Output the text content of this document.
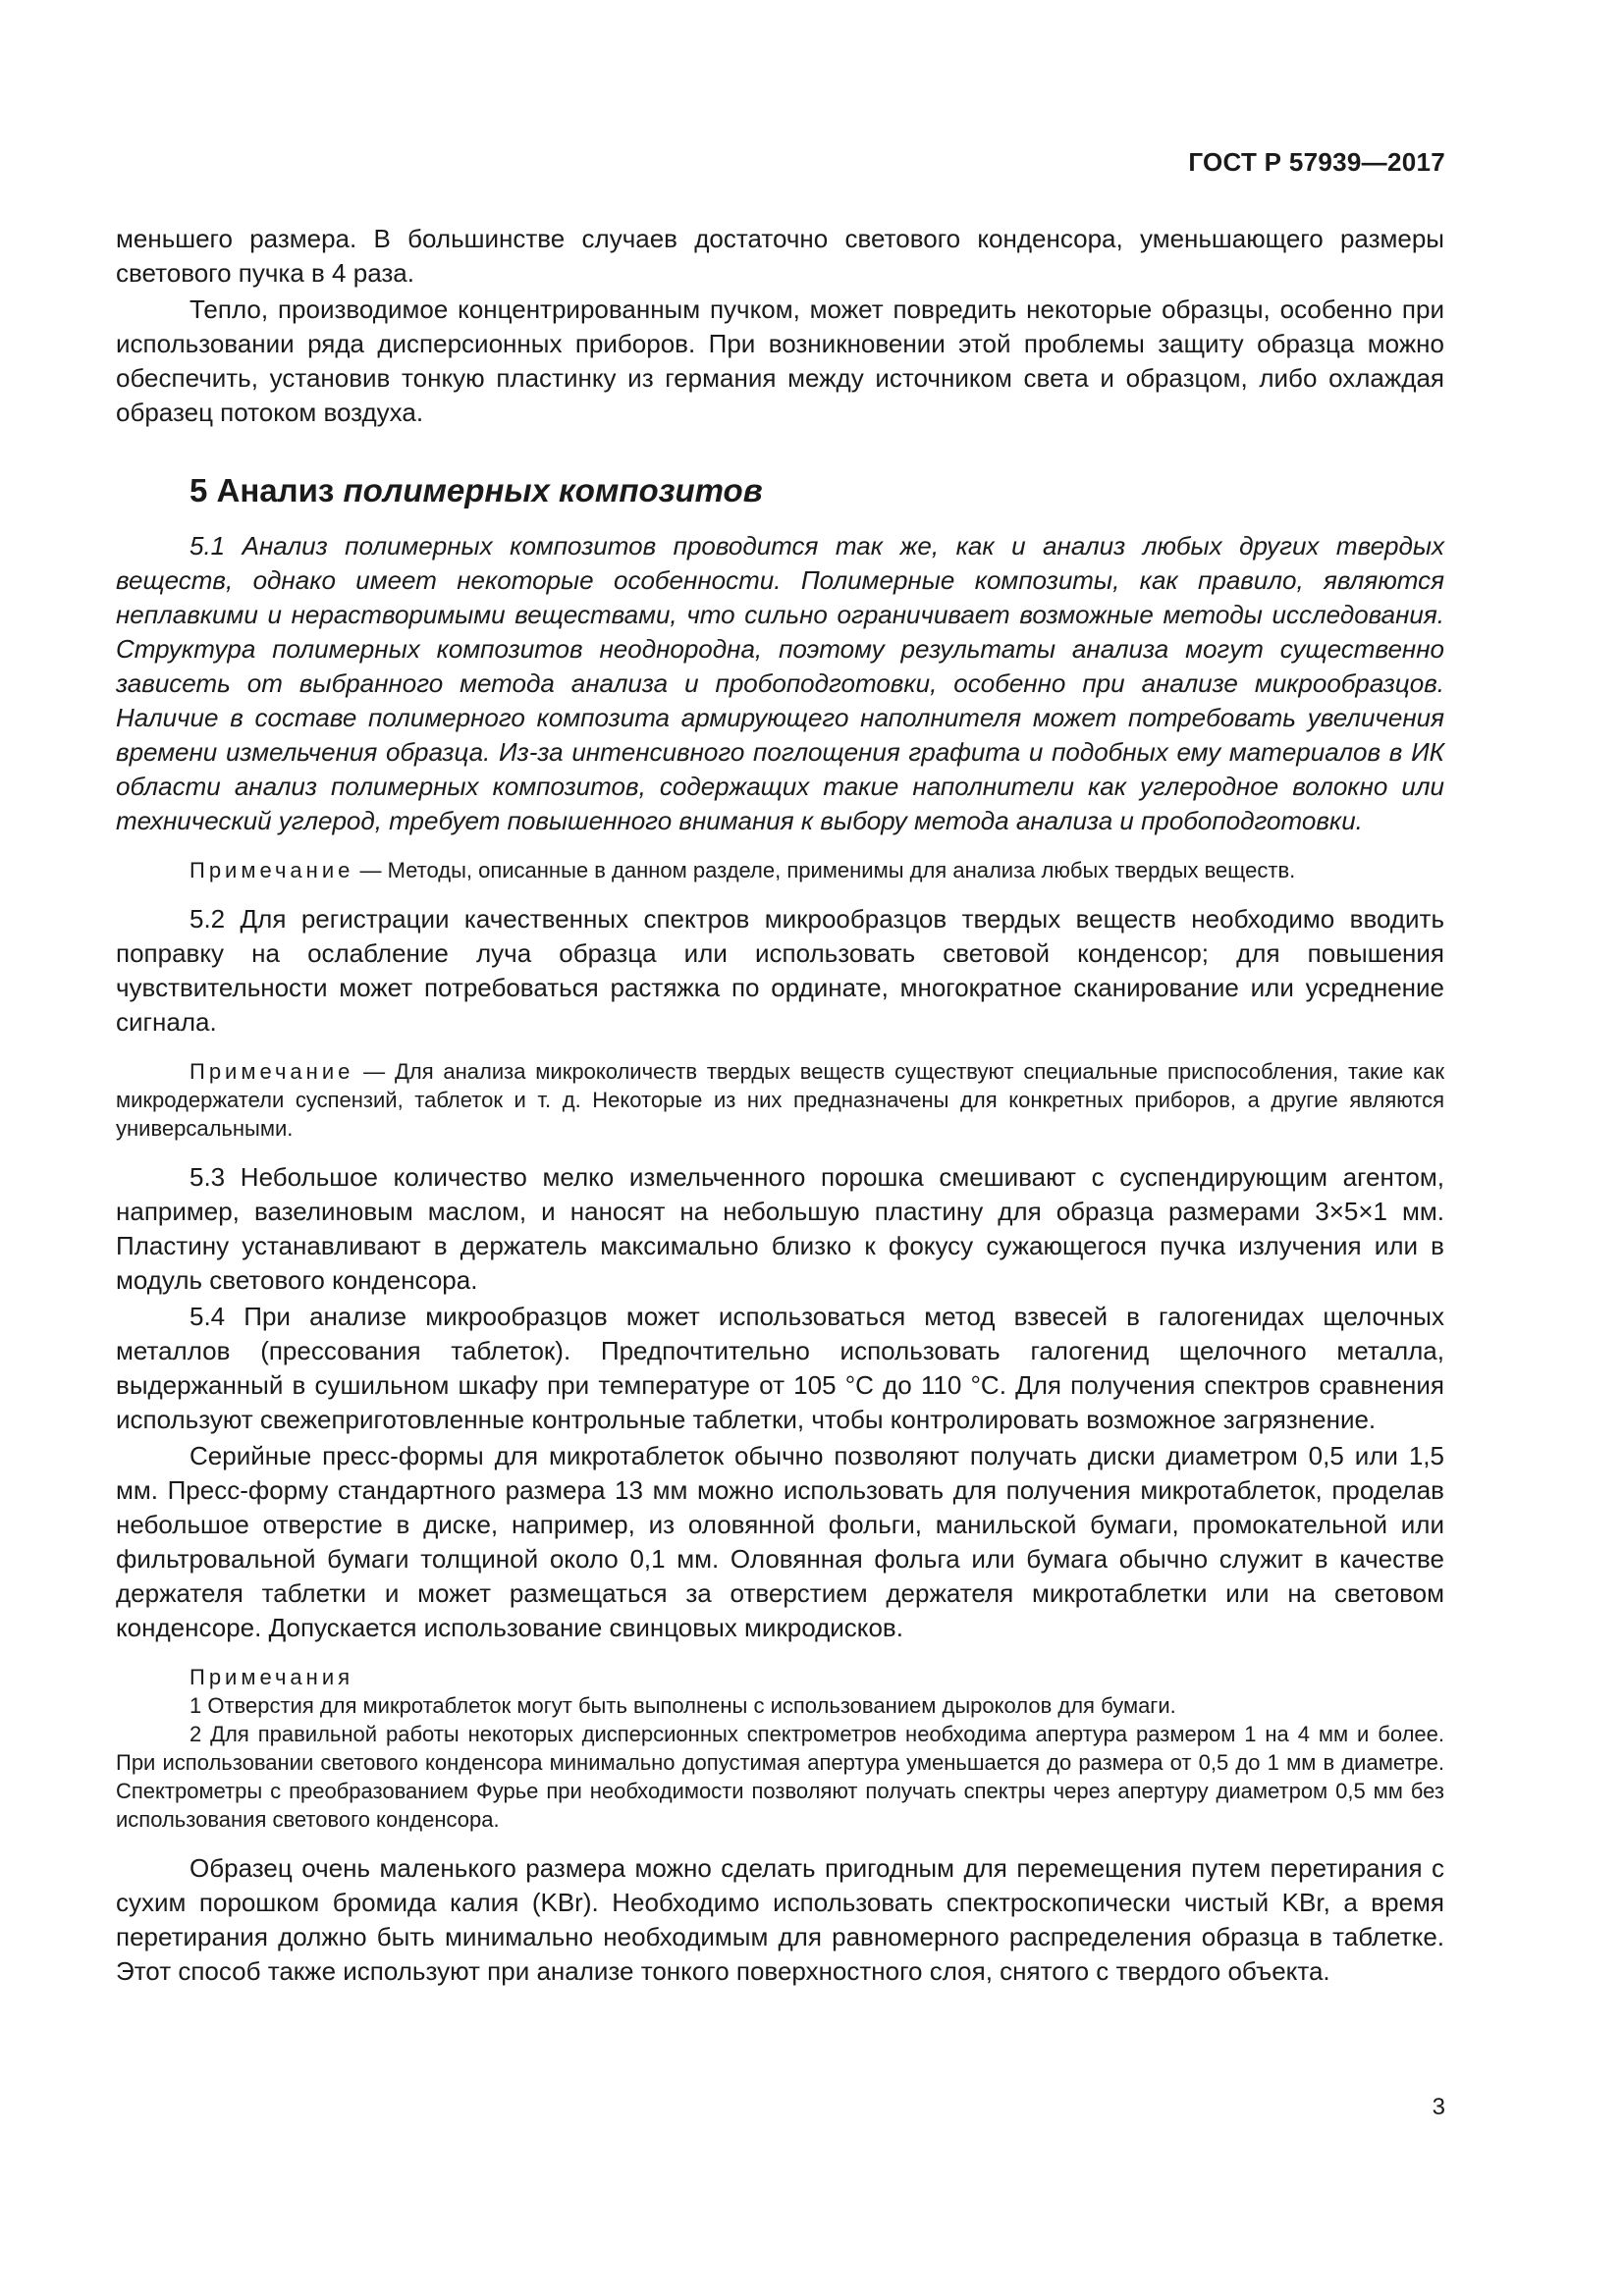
ГОСТ Р 57939—2017

меньшего размера. В большинстве случаев достаточно светового конденсора, уменьшающего размеры светового пучка в 4 раза.

Тепло, производимое концентрированным пучком, может повредить некоторые образцы, особенно при использовании ряда дисперсионных приборов. При возникновении этой проблемы защиту образца можно обеспечить, установив тонкую пластинку из германия между источником света и образцом, либо охлаждая образец потоком воздуха.

5 Анализ полимерных композитов

5.1 Анализ полимерных композитов проводится так же, как и анализ любых других твердых веществ, однако имеет некоторые особенности. Полимерные композиты, как правило, являются неплавкими и нерастворимыми веществами, что сильно ограничивает возможные методы исследования. Структура полимерных композитов неоднородна, поэтому результаты анализа могут существенно зависеть от выбранного метода анализа и пробоподготовки, особенно при анализе микрообразцов. Наличие в составе полимерного композита армирующего наполнителя может потребовать увеличения времени измельчения образца. Из-за интенсивного поглощения графита и подобных ему материалов в ИК области анализ полимерных композитов, содержащих такие наполнители как углеродное волокно или технический углерод, требует повышенного внимания к выбору метода анализа и пробоподготовки.

Примечание — Методы, описанные в данном разделе, применимы для анализа любых твердых веществ.

5.2 Для регистрации качественных спектров микрообразцов твердых веществ необходимо вводить поправку на ослабление луча образца или использовать световой конденсор; для повышения чувствительности может потребоваться растяжка по ординате, многократное сканирование или усреднение сигнала.

Примечание — Для анализа микроколичеств твердых веществ существуют специальные приспособления, такие как микродержатели суспензий, таблеток и т. д. Некоторые из них предназначены для конкретных приборов, а другие являются универсальными.

5.3 Небольшое количество мелко измельченного порошка смешивают с суспендирующим агентом, например, вазелиновым маслом, и наносят на небольшую пластину для образца размерами 3×5×1 мм. Пластину устанавливают в держатель максимально близко к фокусу сужающегося пучка излучения или в модуль светового конденсора.

5.4 При анализе микрообразцов может использоваться метод взвесей в галогенидах щелочных металлов (прессования таблеток). Предпочтительно использовать галогенид щелочного металла, выдержанный в сушильном шкафу при температуре от 105 °С до 110 °С. Для получения спектров сравнения используют свежеприготовленные контрольные таблетки, чтобы контролировать возможное загрязнение.

Серийные пресс-формы для микротаблеток обычно позволяют получать диски диаметром 0,5 или 1,5 мм. Пресс-форму стандартного размера 13 мм можно использовать для получения микротаблеток, проделав небольшое отверстие в диске, например, из оловянной фольги, манильской бумаги, промокательной или фильтровальной бумаги толщиной около 0,1 мм. Оловянная фольга или бумага обычно служит в качестве держателя таблетки и может размещаться за отверстием держателя микротаблетки или на световом конденсоре. Допускается использование свинцовых микродисков.

Примечания

1 Отверстия для микротаблеток могут быть выполнены с использованием дыроколов для бумаги.

2 Для правильной работы некоторых дисперсионных спектрометров необходима апертура размером 1 на 4 мм и более. При использовании светового конденсора минимально допустимая апертура уменьшается до размера от 0,5 до 1 мм в диаметре. Спектрометры с преобразованием Фурье при необходимости позволяют получать спектры через апертуру диаметром 0,5 мм без использования светового конденсора.

Образец очень маленького размера можно сделать пригодным для перемещения путем перетирания с сухим порошком бромида калия (KBr). Необходимо использовать спектроскопически чистый KBr, а время перетирания должно быть минимально необходимым для равномерного распределения образца в таблетке. Этот способ также используют при анализе тонкого поверхностного слоя, снятого с твердого объекта.

3
